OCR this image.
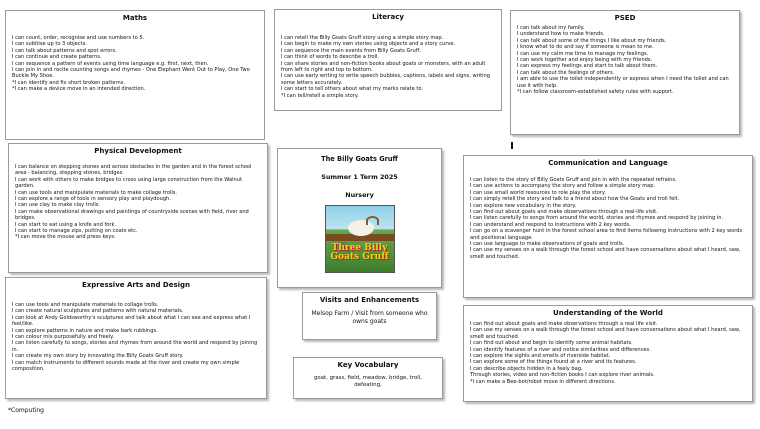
Maths
I can count, order, recognise and use numbers to 5.
I can subitise up to 3 objects.
I can talk about patterns and spot errors.
I can continue and create patterns.
I can sequence a pattern of events using time language e.g. first, next, then.
I can join in and recite counting songs and rhymes - One Elephant Went Out to Play, One Two Buckle My Shoe.
*I can identify and fix short broken patterns.
*I can make a device move in an intended direction.
Literacy
I can retell the Billy Goats Gruff story using a simple story map.
I can begin to make my own stories using objects and a story curve.
I can sequence the main events from Billy Goats Gruff.
I can think of words to describe a troll.
I can share stories and non-fiction books about goats or monsters, with an adult from left to right and top to bottom.
I can use early writing to write speech bubbles, captions, labels and signs, writing some letters accurately.
I can start to tell others about what my marks relate to.
*I can tell/retell a simple story.
PSED
I can talk about my family.
I understand how to make friends.
I can talk about some of the things I like about my friends.
I know what to do and say if someone is mean to me.
I can use my calm me time to manage my feelings.
I can work together and enjoy being with my friends.
I can express my feelings and start to talk about them.
I can talk about the feelings of others.
I am able to use the toilet independently or express when I need the toilet and can use it with help.
*I can follow classroom-established safety rules with support.
Physical Development
I can balance on stepping stones and across obstacles in the garden and in the forest school area - balancing, stepping stones, bridges.
I can work with others to make bridges to cross using large construction from the Walnut garden.
I can use tools and manipulate materials to make collage trolls.
I can explore a range of tools in sensory play and playdough.
I can use clay to make clay trolls.
I can make observational drawings and paintings of countryside scenes with field, river and bridges.
I can start to eat using a knife and fork.
I can start to manage zips, putting on coats etc.
*I can move the mouse and press keys.
The Billy Goats Gruff
Summer 1 Term 2025
Nursery
Three Billy Goats Gruff
Communication and Language
I can listen to the story of Billy Goats Gruff and join in with the repeated refrains.
I can use actions to accompany the story and follow a simple story map.
I can use small world resources to role play the story.
I can simply retell the story and talk to a friend about how the Goats and troll felt.
I can explore new vocabulary in the story.
I can find out about goats and make observations through a real-life visit.
I can listen carefully to songs from around the world, stories and rhymes and respond by joining in.
I can understand and respond to instructions with 2 key words.
I can go on a scavenger hunt in the forest school area to find items following instructions with 2 key words and positional language.
I can use language to make observations of goats and trolls.
I can use my senses on a walk through the forest school and have conversations about what I heard, saw, smelt and touched.
Expressive Arts and Design
I can use tools and manipulate materials to collage trolls.
I can create natural sculptures and patterns with natural materials.
I can look at Andy Goldsworthy's sculptures and talk about what I can see and express what I feel/like.
I can explore patterns in nature and make bark rubbings.
I can colour mix purposefully and freely.
I can listen carefully to songs, stories and rhymes from around the world and respond by joining in.
I can create my own story by innovating the Billy Goats Gruff story.
I can match instruments to different sounds made at the river and create my own simple composition.
Visits and Enhancements
Melsop Farm / Visit from someone who owns goats
Key Vocabulary
goat, grass, field, meadow, bridge, troll, defeating,
Understanding of the World
I can find out about goats and make observations through a real life visit.
I can use my senses on a walk through the forest school and have conversations about what I heard, saw, smelt and touched.
I can find out about and begin to identify some animal habitats.
I can identify features of a river and notice similarities and differences.
I can explore the sights and smells of riverside habitat.
I can explore some of the things found at a river and its features.
I can describe objects hidden in a feely bag.
Through stories, video and non-fiction books I can explore river animals.
*I can make a Bee-bot/robot move in different directions.
*Computing
